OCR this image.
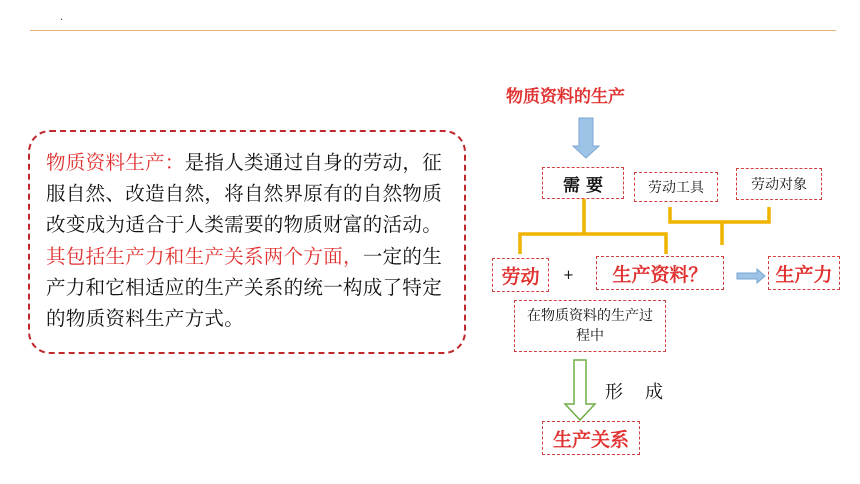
.
物质资料生产：是指人类通过自身的劳动，征服自然、改造自然，将自然界原有的自然物质改变成为适合于人类需要的物质财富的活动。其包括生产力和生产关系两个方面，一定的生产力和它相适应的生产关系的统一构成了特定的物质资料生产方式。
物质资料的生产
需 要	劳动工具	劳动对象
劳动 + 生产资料？	生产力
在物质资料的生产过程中
形成
生产关系
